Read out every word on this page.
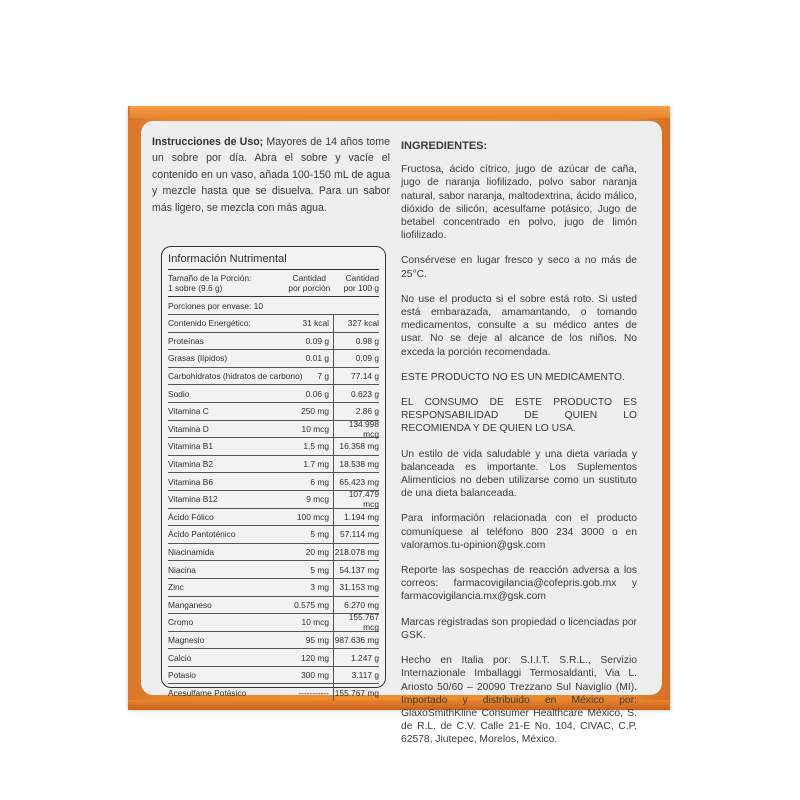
Instrucciones de Uso; Mayores de 14 años tome un sobre por día. Abra el sobre y vacíe el contenido en un vaso, añada 100-150 mL de agua y mezcle hasta que se disuelva. Para un sabor más ligero, se mezcla con más agua.
Información Nutrimental
Tamaño de la Porción:
1 sobre (9.6 g)
Cantidad
por porción
Cantidad
por 100 g
Porciones por envase: 10
Contenido Energético:	31 kcal	327 kcal
Proteínas	0.09 g	0.98 g
Grasas (lípidos)	0.01 g	0.09 g
Carbohidratos (hidratos de carbono)	7 g	77.14 g
Sodio	0.06 g	0.623 g
Vitamina C	250 mg	2.86 g
Vitamina D	10 mcg	134.998 mcg
Vitamina B1	1.5 mg	16.358 mg
Vitamina B2	1.7 mg	18.538 mg
Vitamina B6	6 mg	65.423 mg
Vitamina B12	9 mcg	107.479 mcg
Ácido Fólico	100 mcg	1.194 mg
Ácido Pantoténico	5 mg	57.114 mg
Niacinamida	20 mg 218.078 mg
Niacina	5 mg	54.137 mg
Zinc	3 mg	31.153 mg
Manganeso	0.575 mg	6.270 mg
Cromo	10 mcg	155.767 mcg
Magnesio	95 mg 987.636 mg
Calcio	120 mg	1.247 g
Potasio	300 mg	3.117 g
Acesulfame Potásico	----------- 155.767 mg

INGREDIENTES:

Fructosa, ácido cítrico, jugo de azúcar de caña, jugo de naranja liofilizado, polvo sabor naranja natural, sabor naranja, maltodextrina, ácido málico, dióxido de silicón, acesulfame potásico, Jugo de betabel concentrado en polvo, jugo de limón liofilizado.

Consérvese en lugar fresco y seco a no más de 25°C.

No use el producto si el sobre está roto. Si usted está embarazada, amamantando, o tomando medicamentos, consulte a su médico antes de usar. No se deje al alcance de los niños. No exceda la porción recomendada.

ESTE PRODUCTO NO ES UN MEDICAMENTO.

EL CONSUMO DE ESTE PRODUCTO ES RESPONSABILIDAD DE QUIEN LO RECOMIENDA Y DE QUIEN LO USA.

Un estilo de vida saludable y una dieta variada y balanceada es importante. Los Suplementos Alimenticios no deben utilizarse como un sustituto de una dieta balanceada.

Para información relacionada con el producto comuníquese al teléfono 800 234 3000 o en valoramos.tu-opinion@gsk.com

Reporte las sospechas de reacción adversa a los correos: farmacovigilancia@cofepris.gob.mx y farmacovigilancia.mx@gsk.com

Marcas registradas son propiedad o licenciadas por GSK.

Hecho en Italia por: S.I.I.T. S.R.L., Servizio Internazionale Imballaggi Termosaldanti, Via L. Ariosto 50/60 – 20090 Trezzano Sul Naviglio (MI). Importado y distribuido en México por: GlaxoSmithKline Consumer Healthcare México, S. de R.L. de C.V. Calle 21-E No. 104, CIVAC, C.P. 62578, Jiutepec, Morelos, México.
